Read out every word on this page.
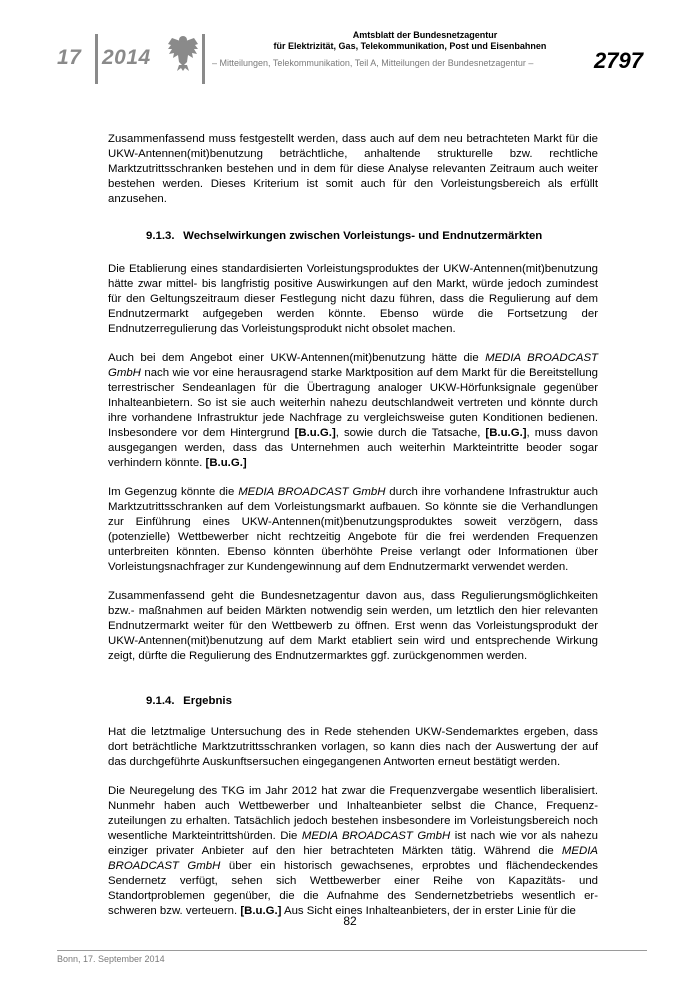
17 2014
Amtsblatt der Bundesnetzagentur
für Elektrizität, Gas, Telekommunikation, Post und Eisenbahnen
– Mitteilungen, Telekommunikation, Teil A, Mitteilungen der Bundesnetzagentur –	2797

Zusammenfassend muss festgestellt werden, dass auch auf dem neu betrachteten Markt für die UKW-Antennen(mit)benutzung beträchtliche, anhaltende strukturelle bzw. rechtliche Marktzutrittsschranken bestehen und in dem für diese Analyse relevanten Zeitraum auch weiter bestehen werden. Dieses Kriterium ist somit auch für den Vorleistungsbereich als erfüllt anzusehen.

9.1.3. Wechselwirkungen zwischen Vorleistungs- und Endnutzermärkten

Die Etablierung eines standardisierten Vorleistungsproduktes der UKW-Antennen(mit)benutzung hätte zwar mittel- bis langfristig positive Auswirkungen auf den Markt, würde jedoch zumindest für den Geltungszeitraum dieser Festlegung nicht dazu führen, dass die Regulierung auf dem Endnutzermarkt aufgegeben werden könnte. Ebenso würde die Fortsetzung der Endnutzerregulierung das Vorleistungsprodukt nicht obsolet machen.

Auch bei dem Angebot einer UKW-Antennen(mit)benutzung hätte die MEDIA BROADCAST GmbH nach wie vor eine herausragend starke Marktposition auf dem Markt für die Bereitstellung terrestrischer Sendeanlagen für die Übertragung analoger UKW-Hörfunksignale gegenüber Inhalteanbietern. So ist sie auch weiterhin nahezu deutschlandweit vertreten und könnte durch ihre vorhandene Infrastruktur jede Nachfrage zu vergleichsweise guten Konditionen bedienen. Insbesondere vor dem Hintergrund [B.u.G.], sowie durch die Tatsache, [B.u.G.], muss davon ausgegangen werden, dass das Unternehmen auch weiterhin Markteintritte beoder sogar verhindern könnte. [B.u.G.]

Im Gegenzug könnte die MEDIA BROADCAST GmbH durch ihre vorhandene Infrastruktur auch Marktzutrittsschranken auf dem Vorleistungsmarkt aufbauen. So könnte sie die Verhandlungen zur Einführung eines UKW-Antennen(mit)benutzungsproduktes soweit verzögern, dass (potenzielle) Wettbewerber nicht rechtzeitig Angebote für die frei werdenden Frequenzen unterbreiten könnten. Ebenso könnten überhöhte Preise verlangt oder Informationen über Vorleistungsnachfrager zur Kundengewinnung auf dem Endnutzermarkt verwendet werden.

Zusammenfassend geht die Bundesnetzagentur davon aus, dass Regulierungsmöglichkeiten bzw.- maßnahmen auf beiden Märkten notwendig sein werden, um letztlich den hier relevanten Endnutzermarkt weiter für den Wettbewerb zu öffnen. Erst wenn das Vorleistungsprodukt der UKW-Antennen(mit)benutzung auf dem Markt etabliert sein wird und entsprechende Wirkung zeigt, dürfte die Regulierung des Endnutzermarktes ggf. zurückgenommen werden.

9.1.4. Ergebnis

Hat die letztmalige Untersuchung des in Rede stehenden UKW-Sendemarktes ergeben, dass dort beträchtliche Marktzutrittsschranken vorlagen, so kann dies nach der Auswertung der auf das durchgeführte Auskunftsersuchen eingegangenen Antworten erneut bestätigt werden.

Die Neuregelung des TKG im Jahr 2012 hat zwar die Frequenzvergabe wesentlich liberalisiert. Nunmehr haben auch Wettbewerber und Inhalteanbieter selbst die Chance, Frequenzzuteilungen zu erhalten. Tatsächlich jedoch bestehen insbesondere im Vorleistungsbereich noch wesentliche Markteintrittshürden. Die MEDIA BROADCAST GmbH ist nach wie vor als nahezu einziger privater Anbieter auf den hier betrachteten Märkten tätig. Während die MEDIA BROADCAST GmbH über ein historisch gewachsenes, erprobtes und flächendeckendes Sendernetz verfügt, sehen sich Wettbewerber einer Reihe von Kapazitäts- und Standortproblemen gegenüber, die die Aufnahme des Sendernetzbetriebs wesentlich erschweren bzw. verteuern. [B.u.G.] Aus Sicht eines Inhalteanbieters, der in erster Linie für die

82
Bonn, 17. September 2014
